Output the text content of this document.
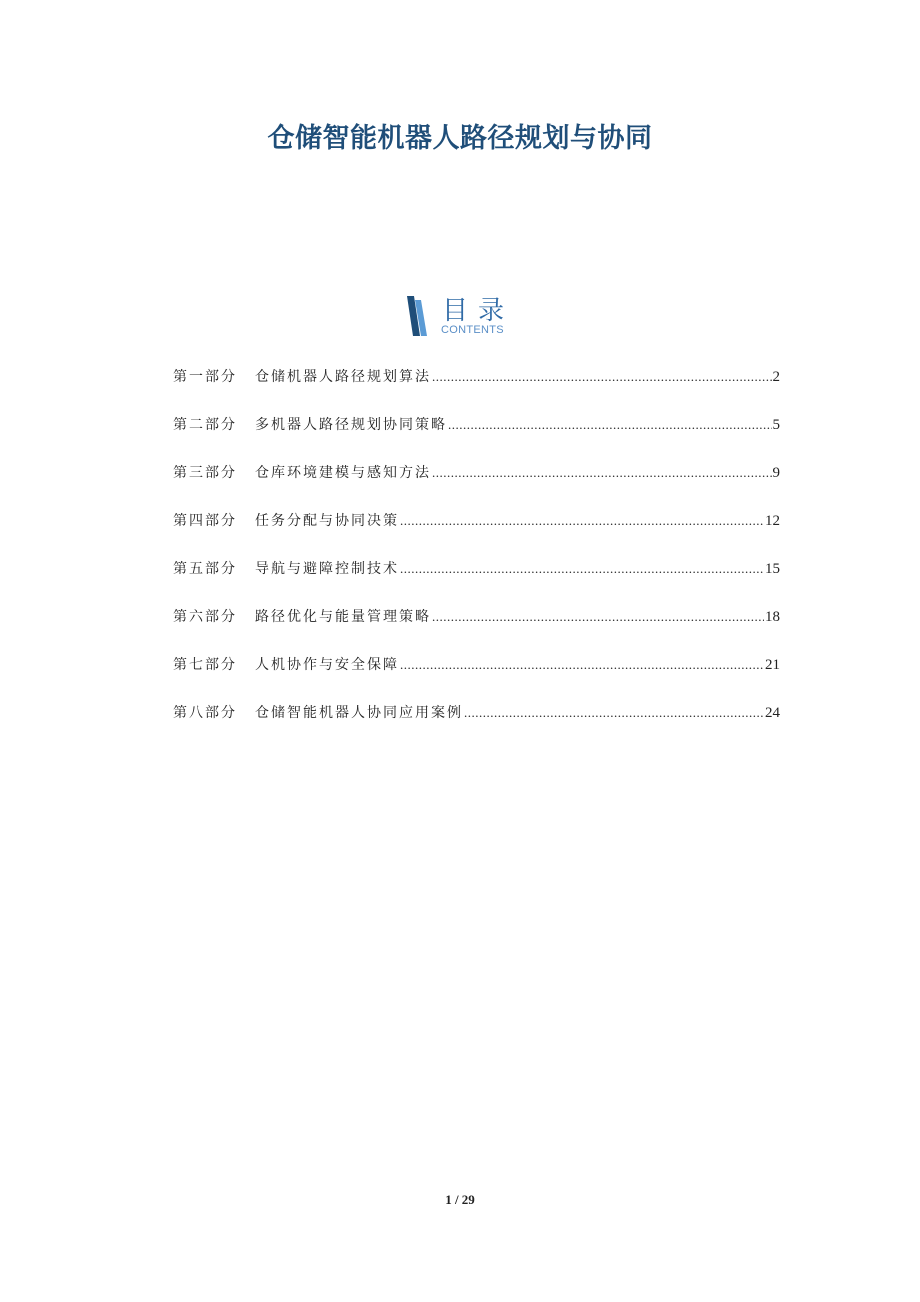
仓储智能机器人路径规划与协同
目录
CONTENTS
第一部分	仓储机器人路径规划算法 .....	2
第二部分	多机器人路径规划协同策略 .....	5
第三部分	仓库环境建模与感知方法 .....	9
第四部分	任务分配与协同决策 .....	12
第五部分	导航与避障控制技术 .....	15
第六部分	路径优化与能量管理策略 .....	18
第七部分	人机协作与安全保障 .....	21
第八部分	仓储智能机器人协同应用案例 .....	24
1 / 29
